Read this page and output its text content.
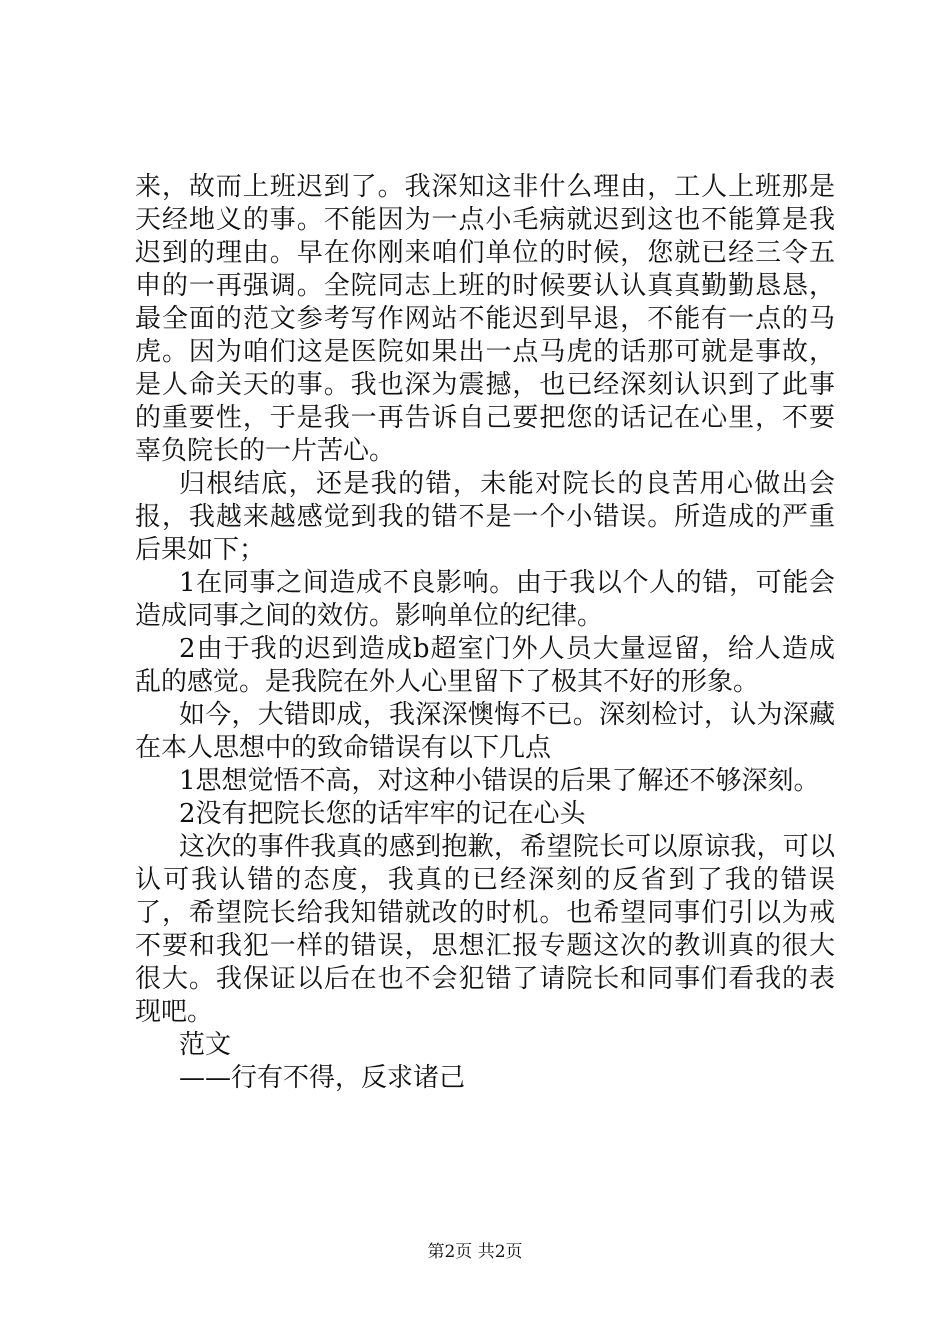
来，故而上班迟到了。我深知这非什么理由，工人上班那是天经地义的事。不能因为一点小毛病就迟到这也不能算是我迟到的理由。早在你刚来咱们单位的时候，您就已经三令五申的一再强调。全院同志上班的时候要认认真真勤勤恳恳，最全面的范文参考写作网站不能迟到早退，不能有一点的马虎。因为咱们这是医院如果出一点马虎的话那可就是事故，是人命关天的事。我也深为震撼，也已经深刻认识到了此事的重要性，于是我一再告诉自己要把您的话记在心里，不要辜负院长的一片苦心。

归根结底，还是我的错，未能对院长的良苦用心做出会报，我越来越感觉到我的错不是一个小错误。所造成的严重后果如下；

1在同事之间造成不良影响。由于我以个人的错，可能会造成同事之间的效仿。影响单位的纪律。

2由于我的迟到造成b超室门外人员大量逗留，给人造成乱的感觉。是我院在外人心里留下了极其不好的形象。

如今，大错即成，我深深懊悔不已。深刻检讨，认为深藏在本人思想中的致命错误有以下几点

1思想觉悟不高，对这种小错误的后果了解还不够深刻。

2没有把院长您的话牢牢的记在心头

这次的事件我真的感到抱歉，希望院长可以原谅我，可以认可我认错的态度，我真的已经深刻的反省到了我的错误了，希望院长给我知错就改的时机。也希望同事们引以为戒不要和我犯一样的错误，思想汇报专题这次的教训真的很大很大。我保证以后在也不会犯错了请院长和同事们看我的表现吧。

范文

——行有不得，反求诸己

第2页 共2页
